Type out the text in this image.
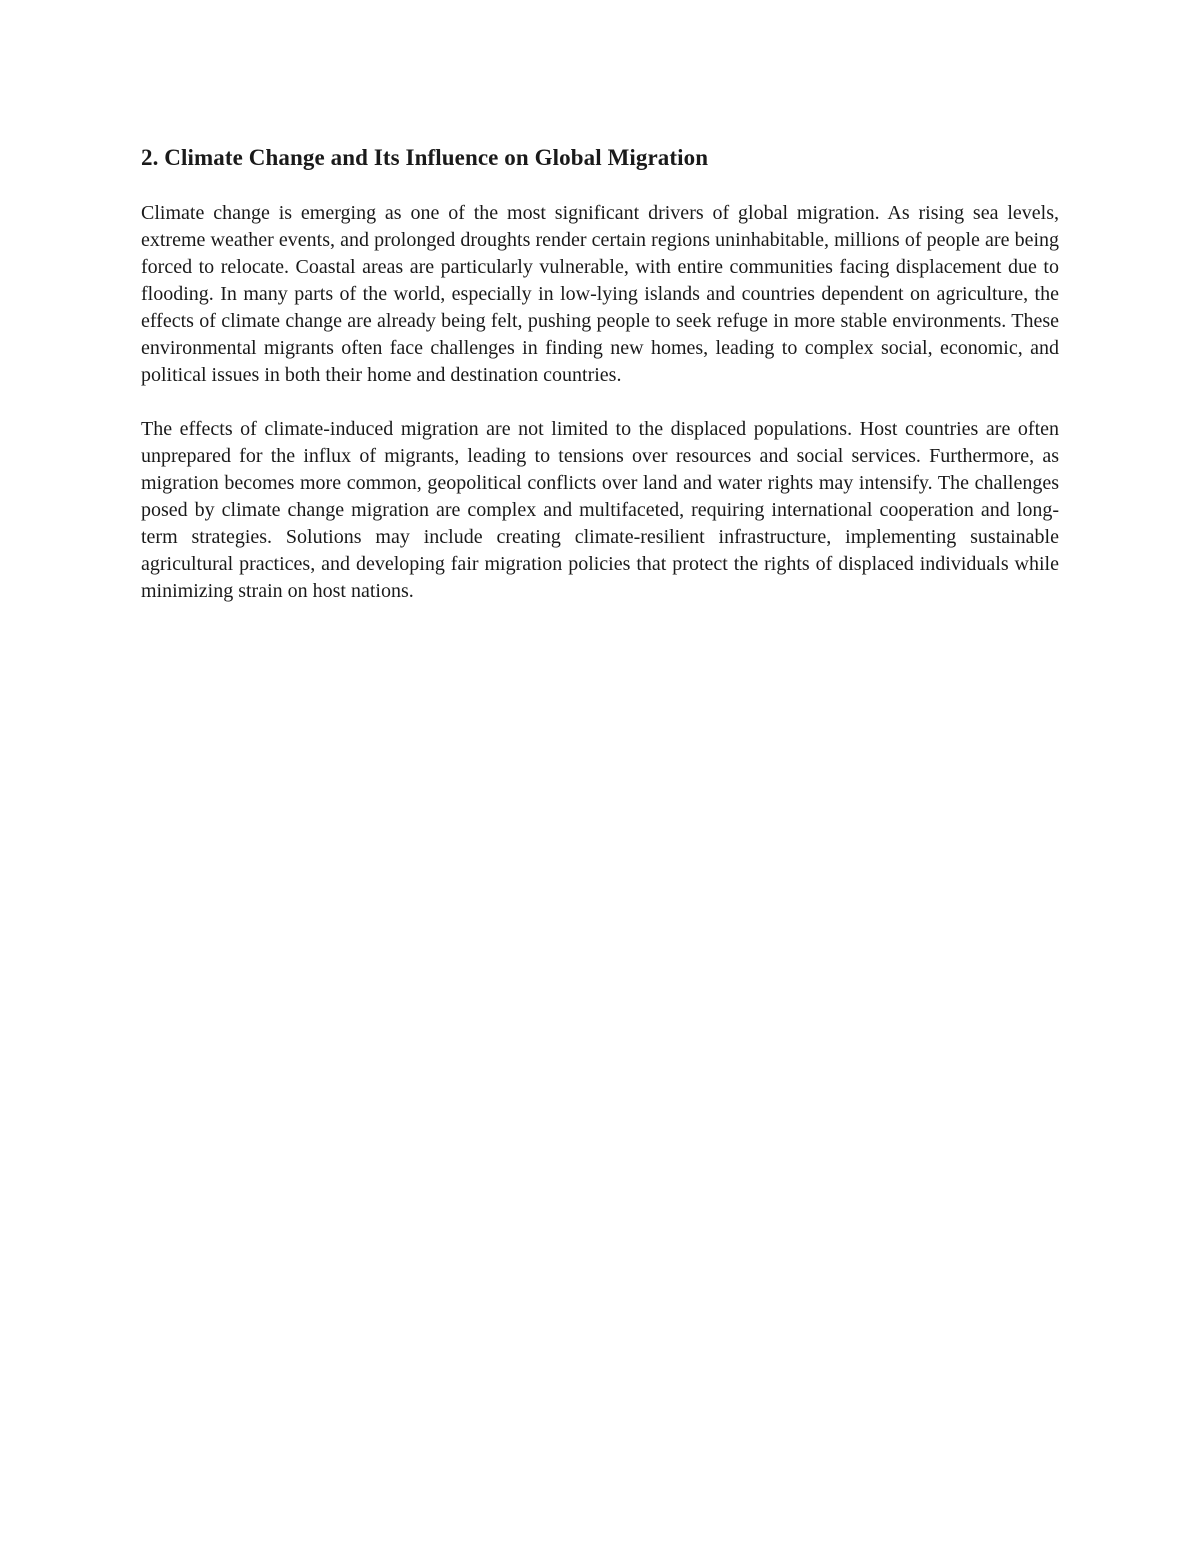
2. Climate Change and Its Influence on Global Migration

Climate change is emerging as one of the most significant drivers of global migration. As rising sea levels, extreme weather events, and prolonged droughts render certain regions uninhabitable, millions of people are being forced to relocate. Coastal areas are particularly vulnerable, with entire communities facing displacement due to flooding. In many parts of the world, especially in low-lying islands and countries dependent on agriculture, the effects of climate change are already being felt, pushing people to seek refuge in more stable environments. These environmental migrants often face challenges in finding new homes, leading to complex social, economic, and political issues in both their home and destination countries.

The effects of climate-induced migration are not limited to the displaced populations. Host countries are often unprepared for the influx of migrants, leading to tensions over resources and social services. Furthermore, as migration becomes more common, geopolitical conflicts over land and water rights may intensify. The challenges posed by climate change migration are complex and multifaceted, requiring international cooperation and long-term strategies. Solutions may include creating climate-resilient infrastructure, implementing sustainable agricultural practices, and developing fair migration policies that protect the rights of displaced individuals while minimizing strain on host nations.
